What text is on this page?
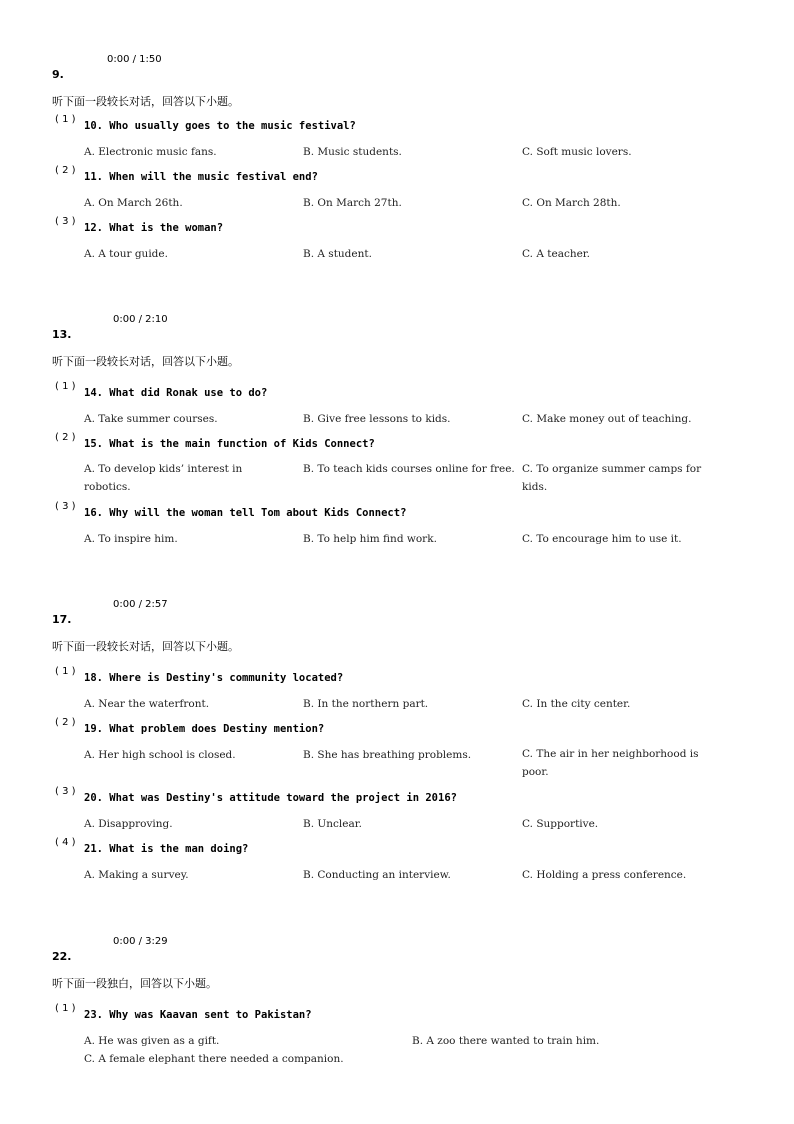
0:00 / 1:50
9.
听下面一段较长对话，回答以下小题。
( 1 )
10. Who usually goes to the music festival?
A. Electronic music fans.	B. Music students.	C. Soft music lovers.
( 2 )
11. When will the music festival end?
A. On March 26th.	B. On March 27th.	C. On March 28th.
( 3 )
12. What is the woman?
A. A tour guide.	B. A student.	C. A teacher.
0:00 / 2:10
13.
听下面一段较长对话，回答以下小题。
( 1 )
14. What did Ronak use to do?
A. Take summer courses.	B. Give free lessons to kids.	C. Make money out of teaching.
( 2 )
15. What is the main function of Kids Connect?
A. To develop kids’ interest in robotics.
B. To teach kids courses online for free. C. To organize summer camps for kids.
( 3 )
16. Why will the woman tell Tom about Kids Connect?
A. To inspire him.	B. To help him find work.	C. To encourage him to use it.
0:00 / 2:57
17.
听下面一段较长对话，回答以下小题。
( 1 )
18. Where is Destiny's community located?
A. Near the waterfront.	B. In the northern part.	C. In the city center.
( 2 )
19. What problem does Destiny mention?
A. Her high school is closed.	B. She has breathing problems.	C. The air in her neighborhood is poor.
( 3 )
20. What was Destiny's attitude toward the project in 2016?
A. Disapproving.	B. Unclear.	C. Supportive.
( 4 )
21. What is the man doing?
A. Making a survey.	B. Conducting an interview.	C. Holding a press conference.
0:00 / 3:29
22.
听下面一段独白，回答以下小题。
( 1 )
23. Why was Kaavan sent to Pakistan?
A. He was given as a gift.	B. A zoo there wanted to train him.
C. A female elephant there needed a companion.
